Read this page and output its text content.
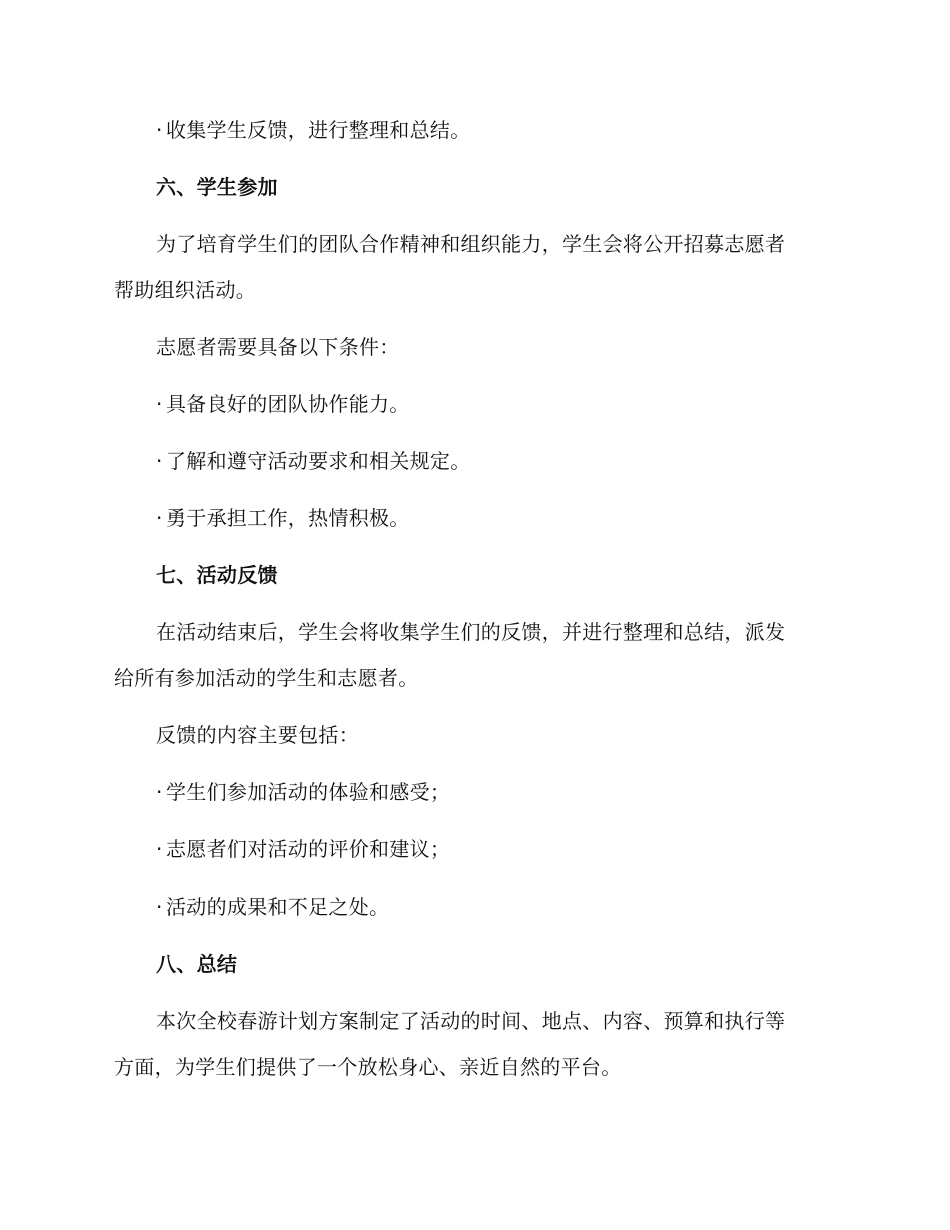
· 收集学生反馈，进行整理和总结。
六、学生参加
为了培育学生们的团队合作精神和组织能力，学生会将公开招募志愿者
帮助组织活动。
志愿者需要具备以下条件：
· 具备良好的团队协作能力。
· 了解和遵守活动要求和相关规定。
· 勇于承担工作，热情积极。
七、活动反馈
在活动结束后，学生会将收集学生们的反馈，并进行整理和总结，派发
给所有参加活动的学生和志愿者。
反馈的内容主要包括：
· 学生们参加活动的体验和感受；
· 志愿者们对活动的评价和建议；
· 活动的成果和不足之处。
八、总结
本次全校春游计划方案制定了活动的时间、地点、内容、预算和执行等
方面，为学生们提供了一个放松身心、亲近自然的平台。
